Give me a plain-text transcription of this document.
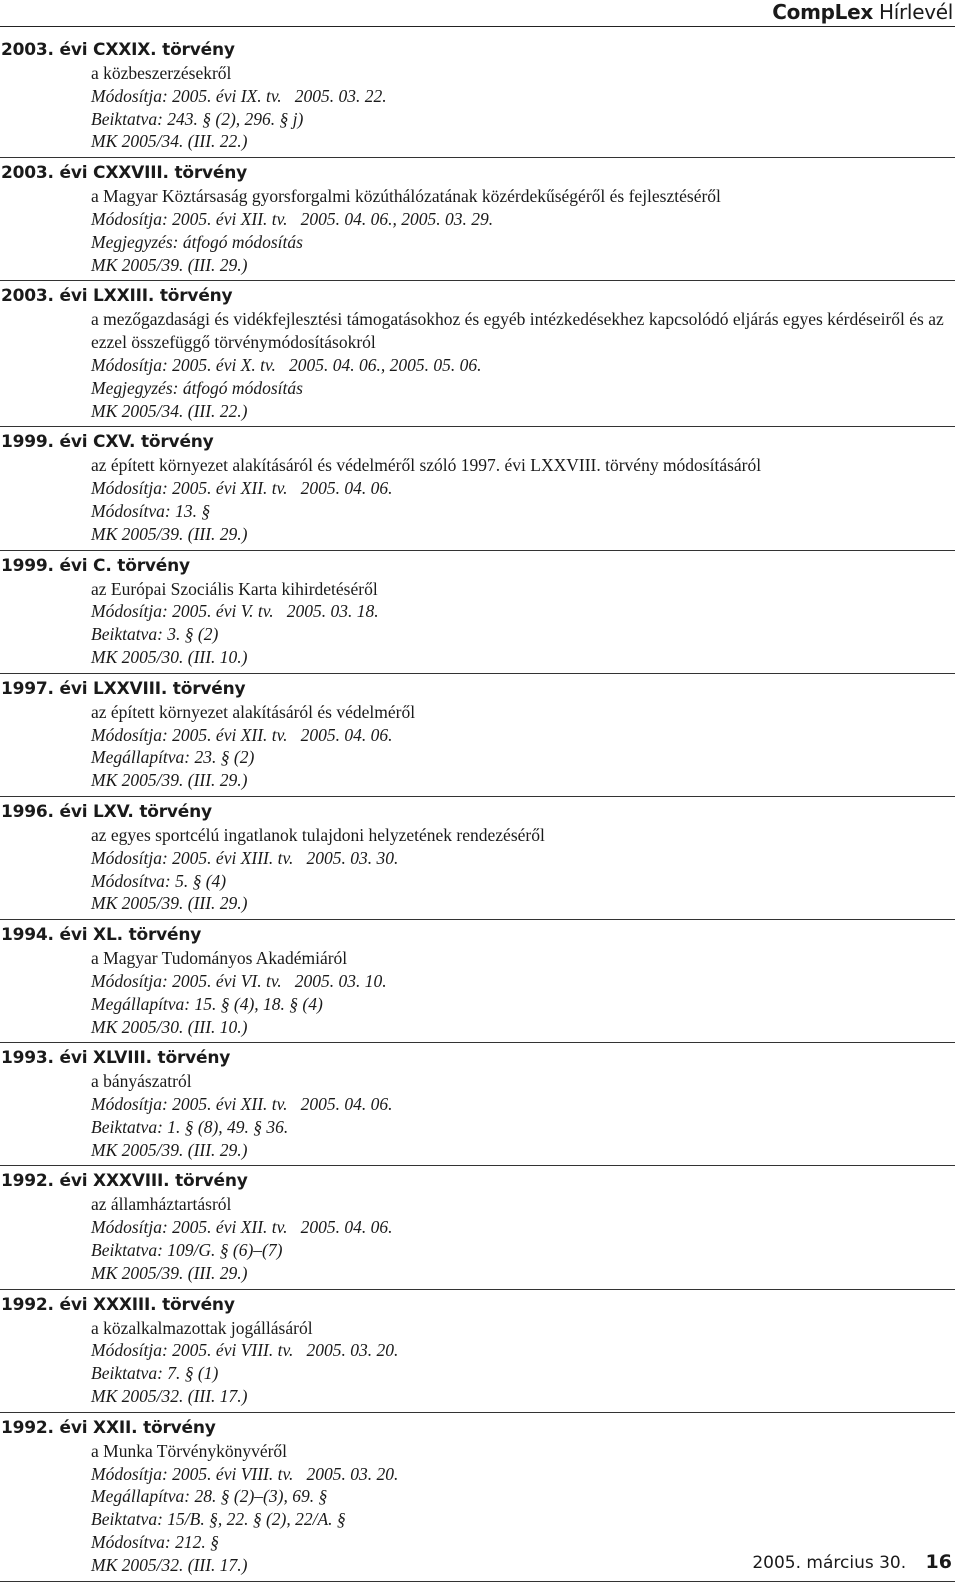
CompLex Hírlevél
2003. évi CXXIX. törvény
a közbeszerzésekről
Módosítja: 2005. évi IX. tv.   2005. 03. 22.
Beiktatva: 243. § (2), 296. § j)
MK 2005/34. (III. 22.)
2003. évi CXXVIII. törvény
a Magyar Köztársaság gyorsforgalmi közúthálózatának közérdekűségéről és fejlesztéséről
Módosítja: 2005. évi XII. tv.   2005. 04. 06., 2005. 03. 29.
Megjegyzés: átfogó módosítás
MK 2005/39. (III. 29.)
2003. évi LXXIII. törvény
a mezőgazdasági és vidékfejlesztési támogatásokhoz és egyéb intézkedésekhez kapcsolódó eljárás egyes kérdéseiről és az ezzel összefüggő törvénymódosításokról
Módosítja: 2005. évi X. tv.   2005. 04. 06., 2005. 05. 06.
Megjegyzés: átfogó módosítás
MK 2005/34. (III. 22.)
1999. évi CXV. törvény
az épített környezet alakításáról és védelméről szóló 1997. évi LXXVIII. törvény módosításáról
Módosítja: 2005. évi XII. tv.   2005. 04. 06.
Módosítva: 13. §
MK 2005/39. (III. 29.)
1999. évi C. törvény
az Európai Szociális Karta kihirdetéséről
Módosítja: 2005. évi V. tv.   2005. 03. 18.
Beiktatva: 3. § (2)
MK 2005/30. (III. 10.)
1997. évi LXXVIII. törvény
az épített környezet alakításáról és védelméről
Módosítja: 2005. évi XII. tv.   2005. 04. 06.
Megállapítva: 23. § (2)
MK 2005/39. (III. 29.)
1996. évi LXV. törvény
az egyes sportcélú ingatlanok tulajdoni helyzetének rendezéséről
Módosítja: 2005. évi XIII. tv.   2005. 03. 30.
Módosítva: 5. § (4)
MK 2005/39. (III. 29.)
1994. évi XL. törvény
a Magyar Tudományos Akadémiáról
Módosítja: 2005. évi VI. tv.   2005. 03. 10.
Megállapítva: 15. § (4), 18. § (4)
MK 2005/30. (III. 10.)
1993. évi XLVIII. törvény
a bányászatról
Módosítja: 2005. évi XII. tv.   2005. 04. 06.
Beiktatva: 1. § (8), 49. § 36.
MK 2005/39. (III. 29.)
1992. évi XXXVIII. törvény
az államháztartásról
Módosítja: 2005. évi XII. tv.   2005. 04. 06.
Beiktatva: 109/G. § (6)–(7)
MK 2005/39. (III. 29.)
1992. évi XXXIII. törvény
a közalkalmazottak jogállásáról
Módosítja: 2005. évi VIII. tv.   2005. 03. 20.
Beiktatva: 7. § (1)
MK 2005/32. (III. 17.)
1992. évi XXII. törvény
a Munka Törvénykönyvéről
Módosítja: 2005. évi VIII. tv.   2005. 03. 20.
Megállapítva: 28. § (2)–(3), 69. §
Beiktatva: 15/B. §, 22. § (2), 22/A. §
Módosítva: 212. §
MK 2005/32. (III. 17.)	2005. március 30. 16
